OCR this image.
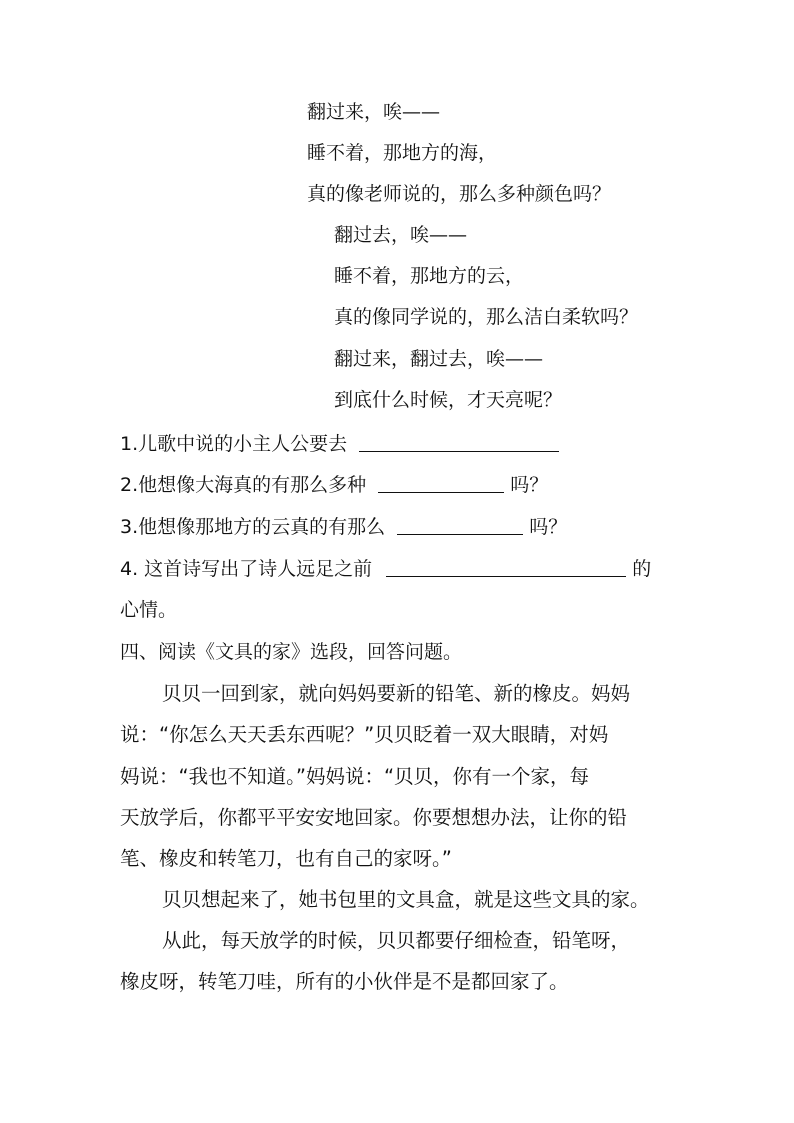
翻过来，唉——
睡不着，那地方的海，
真的像老师说的，那么多种颜色吗？
翻过去，唉——
睡不着，那地方的云，
真的像同学说的，那么洁白柔软吗？
翻过来，翻过去，唉——
到底什么时候，才天亮呢？
1.儿歌中说的小主人公要去
2.他想像大海真的有那么多种	吗？
3.他想像那地方的云真的有那么	吗？
4. 这首诗写出了诗人远足之前	的
心情。
四、阅读《文具的家》选段，回答问题。
贝贝一回到家，就向妈妈要新的铅笔、新的橡皮。妈妈
说：“你怎么天天丢东西呢？”贝贝眨着一双大眼睛，对妈
妈说：“我也不知道。”妈妈说：“贝贝，你有一个家，每
天放学后，你都平平安安地回家。你要想想办法，让你的铅
笔、橡皮和转笔刀，也有自己的家呀。”
贝贝想起来了，她书包里的文具盒，就是这些文具的家。
从此，每天放学的时候，贝贝都要仔细检查，铅笔呀，
橡皮呀，转笔刀哇，所有的小伙伴是不是都回家了。
